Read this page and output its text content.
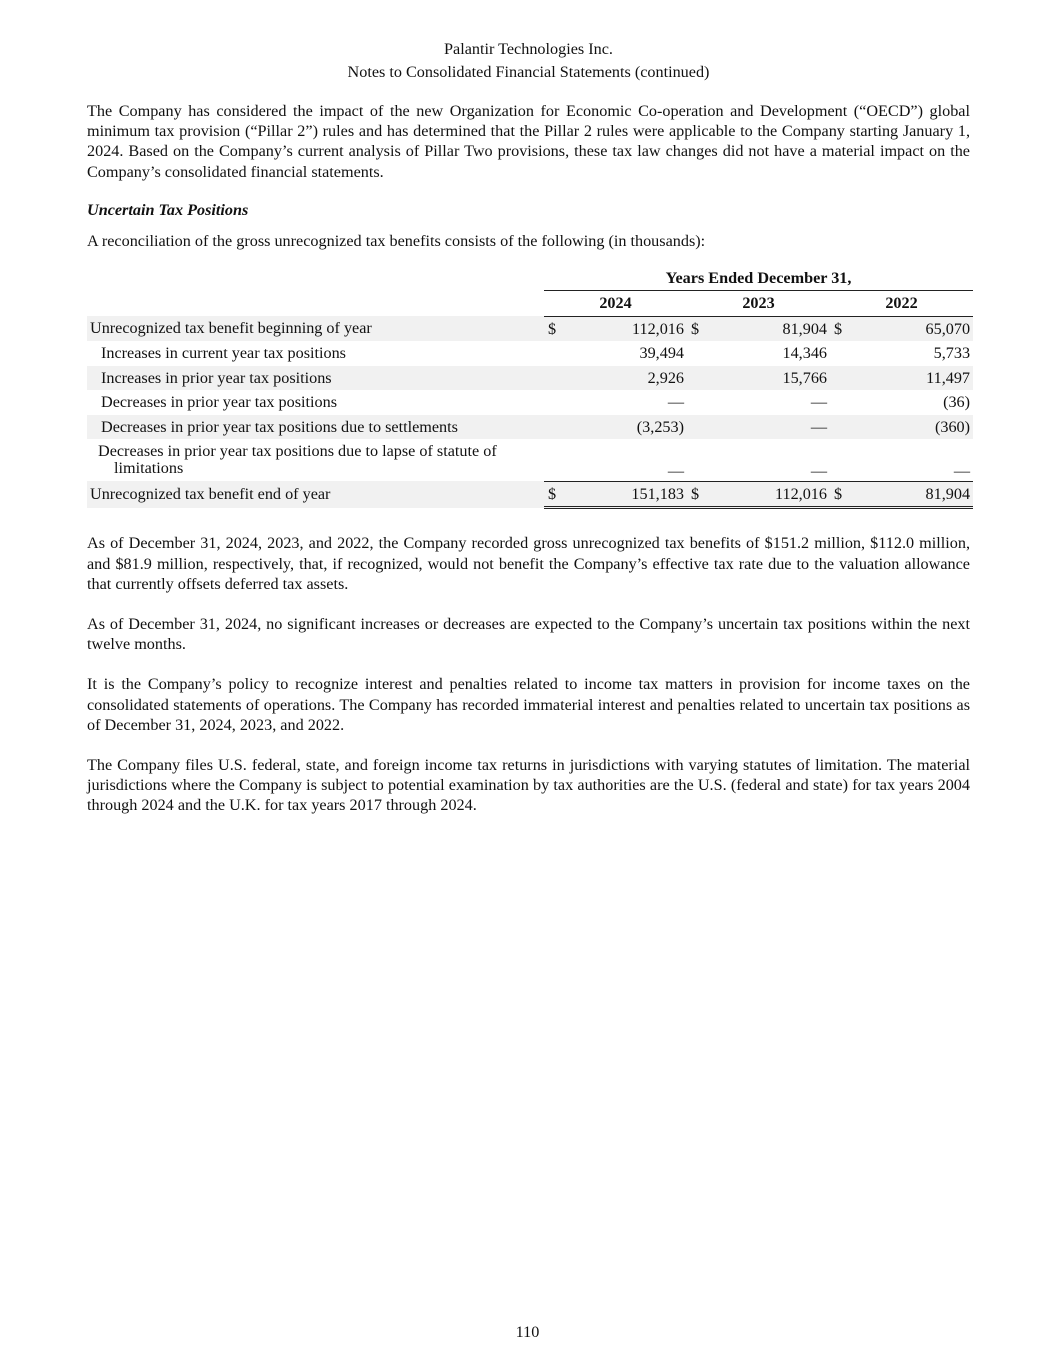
Palantir Technologies Inc.
Notes to Consolidated Financial Statements (continued)

The Company has considered the impact of the new Organization for Economic Co-operation and Development (“OECD”) global minimum tax provision (“Pillar 2”) rules and has determined that the Pillar 2 rules were applicable to the Company starting January 1, 2024. Based on the Company’s current analysis of Pillar Two provisions, these tax law changes did not have a material impact on the Company’s consolidated financial statements.

Uncertain Tax Positions
A reconciliation of the gross unrecognized tax benefits consists of the following (in thousands):
	Years Ended December 31,					
	2024		2023		2022	
Unrecognized tax benefit beginning of year	$	112,016	$	81,904	$	65,070
Increases in current year tax positions		39,494		14,346		5,733
Increases in prior year tax positions		2,926		15,766		11,497
Decreases in prior year tax positions		—		—		(36)
Decreases in prior year tax positions due to settlements		(3,253)		—		(360)

Decreases in prior year tax positions due to lapse of statute of
limitations		—		—		—
Unrecognized tax benefit end of year	$	151,183	$	112,016	$	81,904

As of December 31, 2024, 2023, and 2022, the Company recorded gross unrecognized tax benefits of $151.2 million, $112.0 million, and $81.9 million, respectively, that, if recognized, would not benefit the Company’s effective tax rate due to the valuation allowance that currently offsets deferred tax assets.

As of December 31, 2024, no significant increases or decreases are expected to the Company’s uncertain tax positions within the next twelve months.

It is the Company’s policy to recognize interest and penalties related to income tax matters in provision for income taxes on the consolidated statements of operations. The Company has recorded immaterial interest and penalties related to uncertain tax positions as of December 31, 2024, 2023, and 2022.

The Company files U.S. federal, state, and foreign income tax returns in jurisdictions with varying statutes of limitation. The material jurisdictions where the Company is subject to potential examination by tax authorities are the U.S. (federal and state) for tax years 2004 through 2024 and the U.K. for tax years 2017 through 2024.

110
